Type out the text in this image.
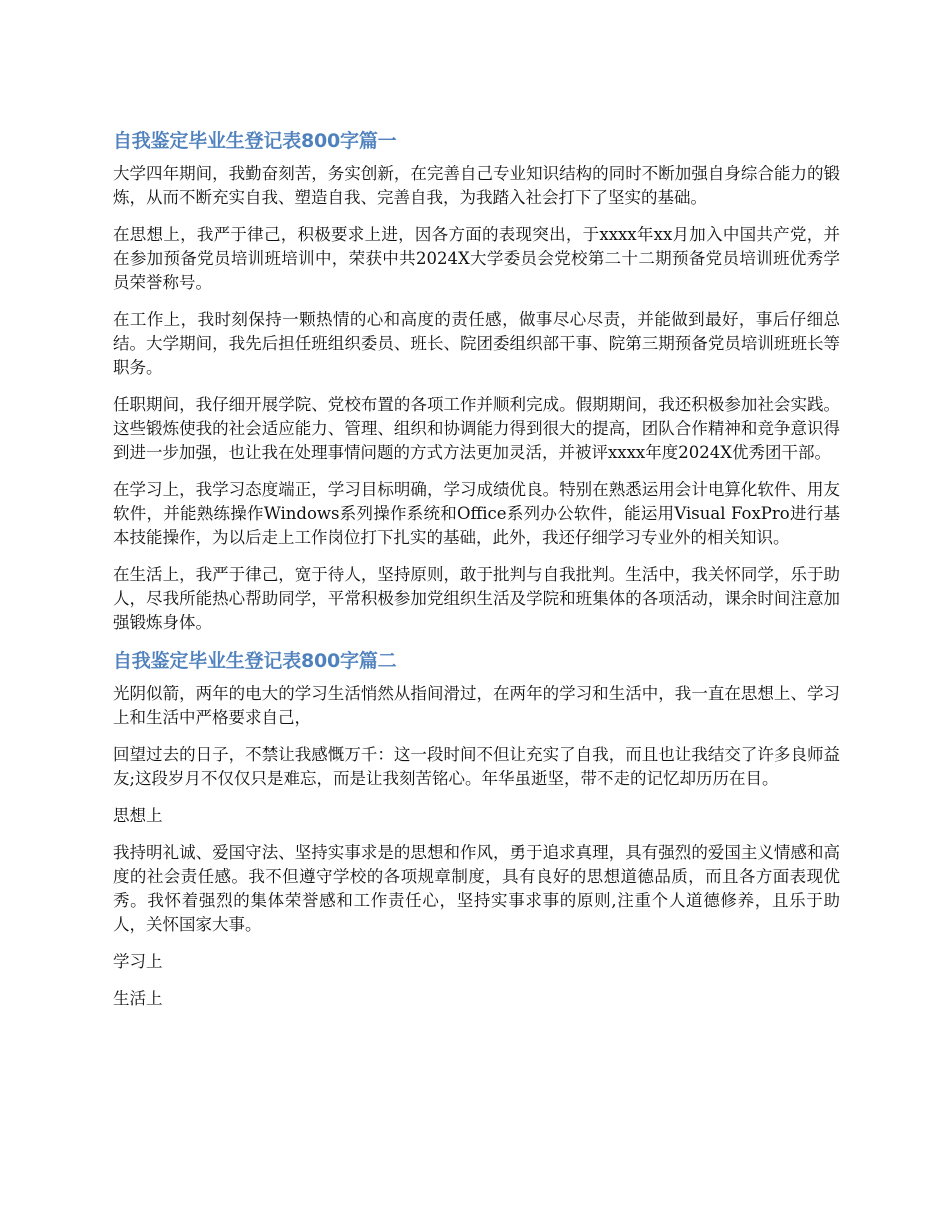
自我鉴定毕业生登记表800字篇一

大学四年期间，我勤奋刻苦，务实创新，在完善自己专业知识结构的同时不断加强自身综合能力的锻炼，从而不断充实自我、塑造自我、完善自我，为我踏入社会打下了坚实的基础。

在思想上，我严于律己，积极要求上进，因各方面的表现突出，于xxxx年xx月加入中国共产党，并在参加预备党员培训班培训中，荣获中共2024X大学委员会党校第二十二期预备党员培训班优秀学员荣誉称号。

在工作上，我时刻保持一颗热情的心和高度的责任感，做事尽心尽责，并能做到最好，事后仔细总结。大学期间，我先后担任班组织委员、班长、院团委组织部干事、院第三期预备党员培训班班长等职务。

任职期间，我仔细开展学院、党校布置的各项工作并顺利完成。假期期间，我还积极参加社会实践。这些锻炼使我的社会适应能力、管理、组织和协调能力得到很大的提高，团队合作精神和竞争意识得到进一步加强，也让我在处理事情问题的方式方法更加灵活，并被评xxxx年度2024X优秀团干部。

在学习上，我学习态度端正，学习目标明确，学习成绩优良。特别在熟悉运用会计电算化软件、用友软件，并能熟练操作Windows系列操作系统和Office系列办公软件，能运用Visual FoxPro进行基本技能操作，为以后走上工作岗位打下扎实的基础，此外，我还仔细学习专业外的相关知识。

在生活上，我严于律己，宽于待人，坚持原则，敢于批判与自我批判。生活中，我关怀同学，乐于助人，尽我所能热心帮助同学，平常积极参加党组织生活及学院和班集体的各项活动，课余时间注意加强锻炼身体。

自我鉴定毕业生登记表800字篇二

光阴似箭，两年的电大的学习生活悄然从指间滑过，在两年的学习和生活中，我一直在思想上、学习上和生活中严格要求自己，

回望过去的日子，不禁让我感慨万千：这一段时间不但让充实了自我，而且也让我结交了许多良师益友;这段岁月不仅仅只是难忘，而是让我刻苦铭心。年华虽逝坚，带不走的记忆却历历在目。

思想上

我持明礼诚、爱国守法、坚持实事求是的思想和作风，勇于追求真理，具有强烈的爱国主义情感和高度的社会责任感。我不但遵守学校的各项规章制度，具有良好的思想道德品质，而且各方面表现优秀。我怀着强烈的集体荣誉感和工作责任心，坚持实事求事的原则,注重个人道德修养，且乐于助人，关怀国家大事。

学习上

生活上
